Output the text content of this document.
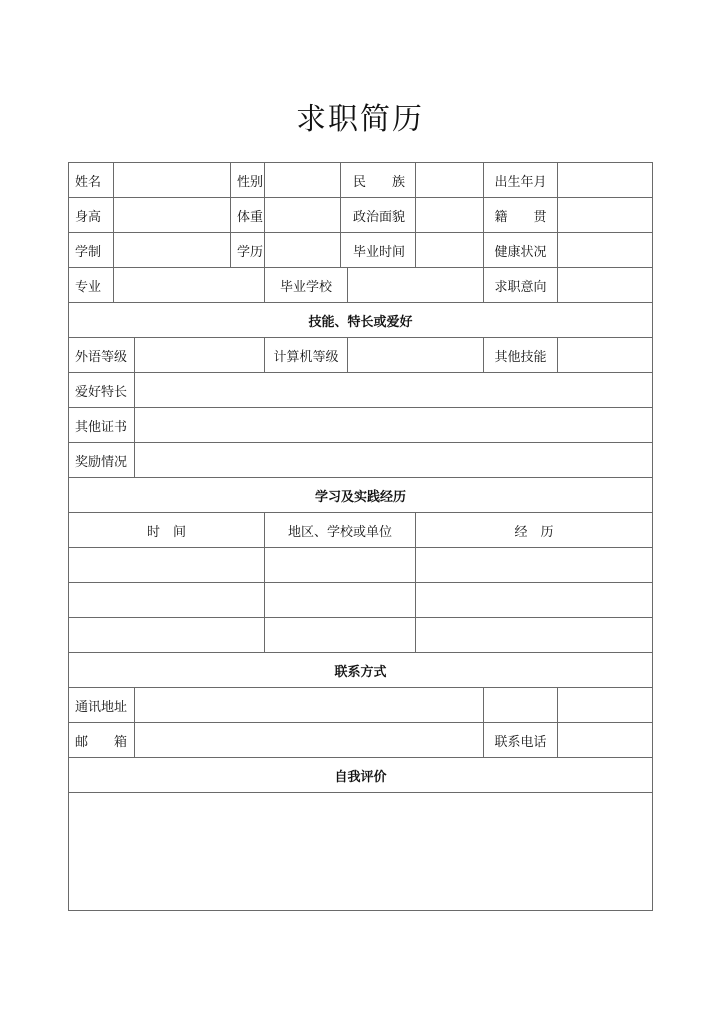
求职简历
姓名			性别		民　　族			出生年月	
身高			体重		政治面貌			籍　　贯	
学制			学历		毕业时间			健康状况	
专业				毕业学校				求职意向	
技能、特长或爱好									
外语等级				计算机等级				其他技能	
爱好特长									
其他证书									
奖励情况									
学习及实践经历									
时　间				地区、学校或单位			经　历		

联系方式									
通讯地址									
邮　　箱								联系电话	
自我评价									
